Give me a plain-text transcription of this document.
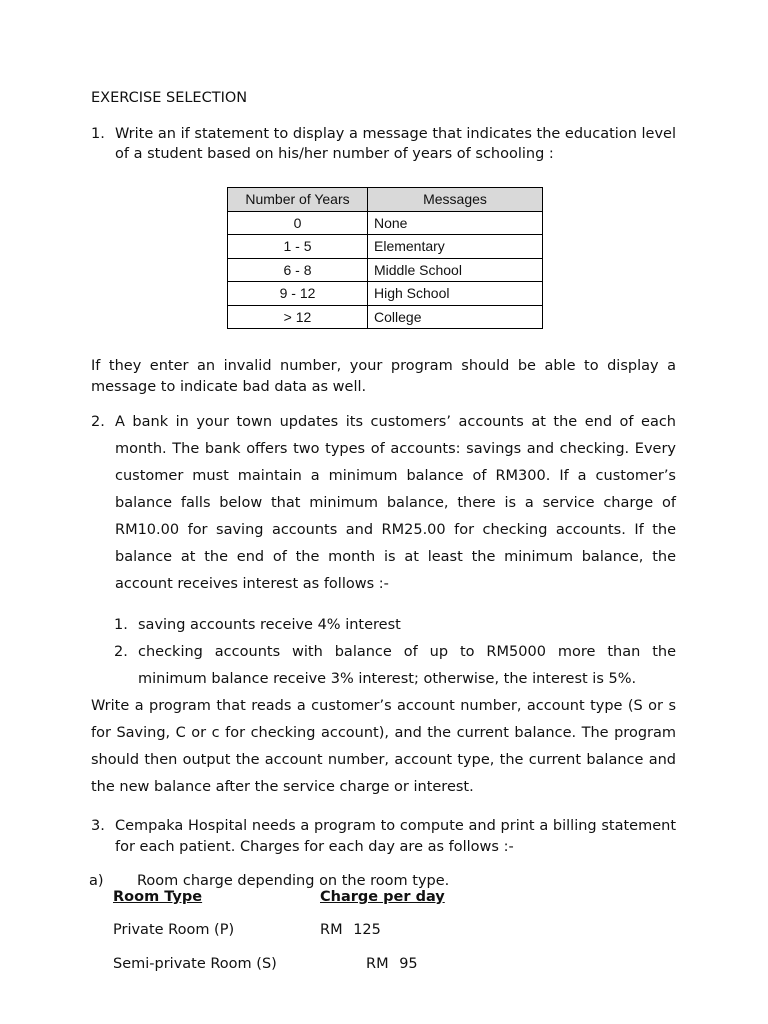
EXERCISE SELECTION
1. Write an if statement to display a message that indicates the education level of a student based on his/her number of years of schooling :
Number of Years	Messages
0	None
1 - 5	Elementary
6 - 8	Middle School
9 - 12	High School
> 12	College

If they enter an invalid number, your program should be able to display a message to indicate bad data as well.

2. A bank in your town updates its customers’ accounts at the end of each month. The bank offers two types of accounts: savings and checking. Every customer must maintain a minimum balance of RM300. If a customer’s balance falls below that minimum balance, there is a service charge of RM10.00 for saving accounts and RM25.00 for checking accounts. If the balance at the end of the month is at least the minimum balance, the account receives interest as follows :-
1. saving accounts receive 4% interest
2. checking accounts with balance of up to RM5000 more than the minimum balance receive 3% interest; otherwise, the interest is 5%.

Write a program that reads a customer’s account number, account type (S or s for Saving, C or c for checking account), and the current balance. The program should then output the account number, account type, the current balance and the new balance after the service charge or interest.

3. Cempaka Hospital needs a program to compute and print a billing statement for each patient. Charges for each day are as follows :-
a) Room charge depending on the room type.
Room Type	Charge per day
Private Room (P)	RM 125
Semi-private Room (S)	RM 95
